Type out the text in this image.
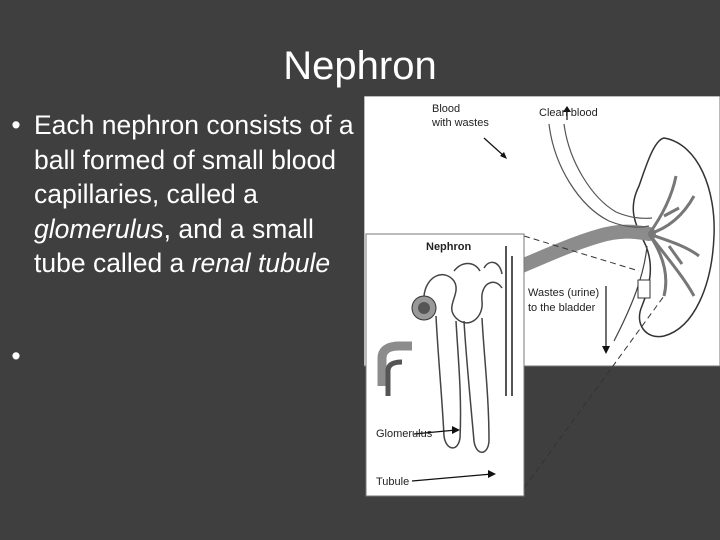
Nephron
• Each nephron consists of a ball formed of small blood capillaries, called a glomerulus, and a small tube called a renal tubule
•

Blood
with wastes
Clean blood
Wastes (urine)
to the bladder
Nephron
Glomerulus
Tubule
